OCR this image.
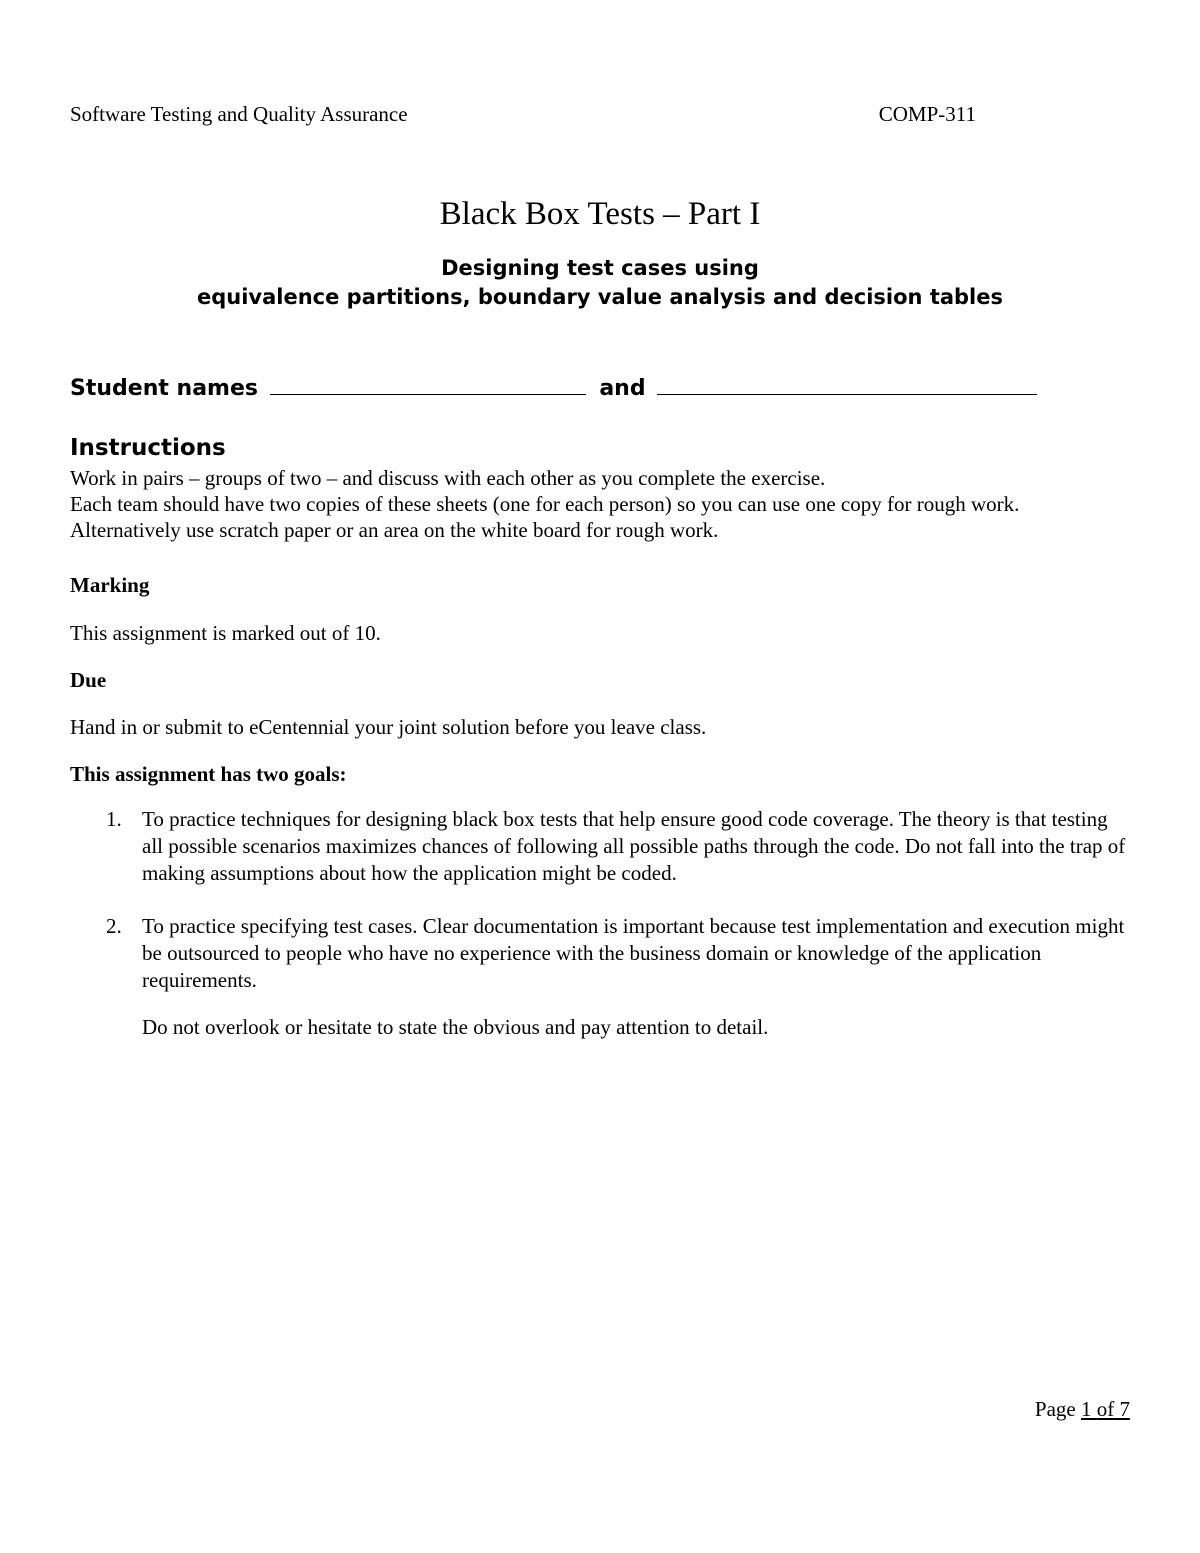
Software Testing and Quality Assurance	COMP-311
Black Box Tests – Part I
Designing test cases using
equivalence partitions, boundary value analysis and decision tables
Student names	and
Instructions

Work in pairs – groups of two – and discuss with each other as you complete the exercise.

Each team should have two copies of these sheets (one for each person) so you can use one copy for rough work. Alternatively use scratch paper or an area on the white board for rough work.

Marking
This assignment is marked out of 10.
Due
Hand in or submit to eCentennial your joint solution before you leave class.
This assignment has two goals:
1. To practice techniques for designing black box tests that help ensure good code coverage. The theory is that testing all possible scenarios maximizes chances of following all possible paths through the code. Do not fall into the trap of making assumptions about how the application might be coded.
2. To practice specifying test cases. Clear documentation is important because test implementation and execution might be outsourced to people who have no experience with the business domain or knowledge of the application requirements.
Do not overlook or hesitate to state the obvious and pay attention to detail.
Page 1 of 7
